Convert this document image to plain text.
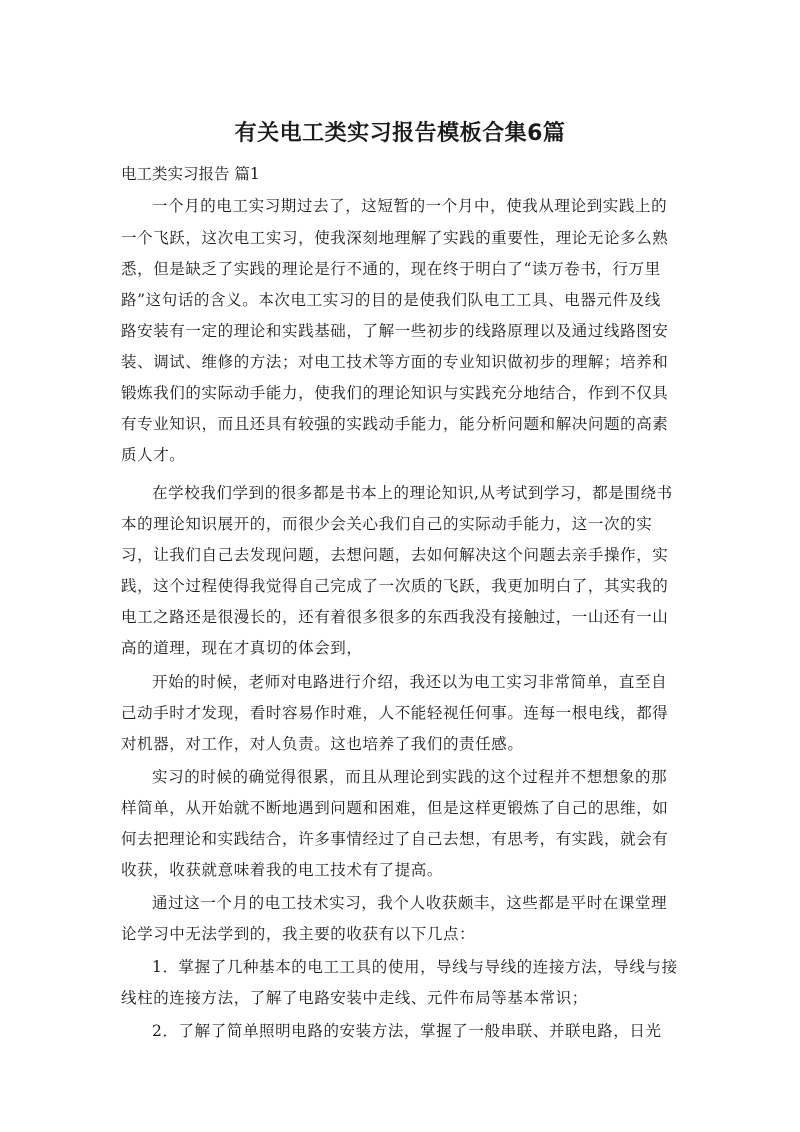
有关电工类实习报告模板合集6篇
电工类实习报告 篇1
一个月的电工实习期过去了，这短暂的一个月中，使我从理论到实践上的
一个飞跃，这次电工实习，使我深刻地理解了实践的重要性，理论无论多么熟
悉，但是缺乏了实践的理论是行不通的，现在终于明白了“读万卷书，行万里
路”这句话的含义。本次电工实习的目的是使我们队电工工具、电器元件及线
路安装有一定的理论和实践基础，了解一些初步的线路原理以及通过线路图安
装、调试、维修的方法；对电工技术等方面的专业知识做初步的理解；培养和
锻炼我们的实际动手能力，使我们的理论知识与实践充分地结合，作到不仅具
有专业知识，而且还具有较强的实践动手能力，能分析问题和解决问题的高素
质人才。
在学校我们学到的很多都是书本上的理论知识,从考试到学习，都是围绕书
本的理论知识展开的，而很少会关心我们自己的实际动手能力，这一次的实
习，让我们自己去发现问题，去想问题，去如何解决这个问题去亲手操作，实
践，这个过程使得我觉得自己完成了一次质的飞跃，我更加明白了，其实我的
电工之路还是很漫长的，还有着很多很多的东西我没有接触过，一山还有一山
高的道理，现在才真切的体会到，
开始的时候，老师对电路进行介绍，我还以为电工实习非常简单，直至自
己动手时才发现，看时容易作时难，人不能轻视任何事。连每一根电线，都得
对机器，对工作，对人负责。这也培养了我们的责任感。
实习的时候的确觉得很累，而且从理论到实践的这个过程并不想想象的那
样简单，从开始就不断地遇到问题和困难，但是这样更锻炼了自己的思维，如
何去把理论和实践结合，许多事情经过了自己去想，有思考，有实践，就会有
收获，收获就意味着我的电工技术有了提高。
通过这一个月的电工技术实习，我个人收获颇丰，这些都是平时在课堂理
论学习中无法学到的，我主要的收获有以下几点：
1．掌握了几种基本的电工工具的使用，导线与导线的连接方法，导线与接
线柱的连接方法，了解了电路安装中走线、元件布局等基本常识；
2．了解了简单照明电路的安装方法，掌握了一般串联、并联电路，日光
